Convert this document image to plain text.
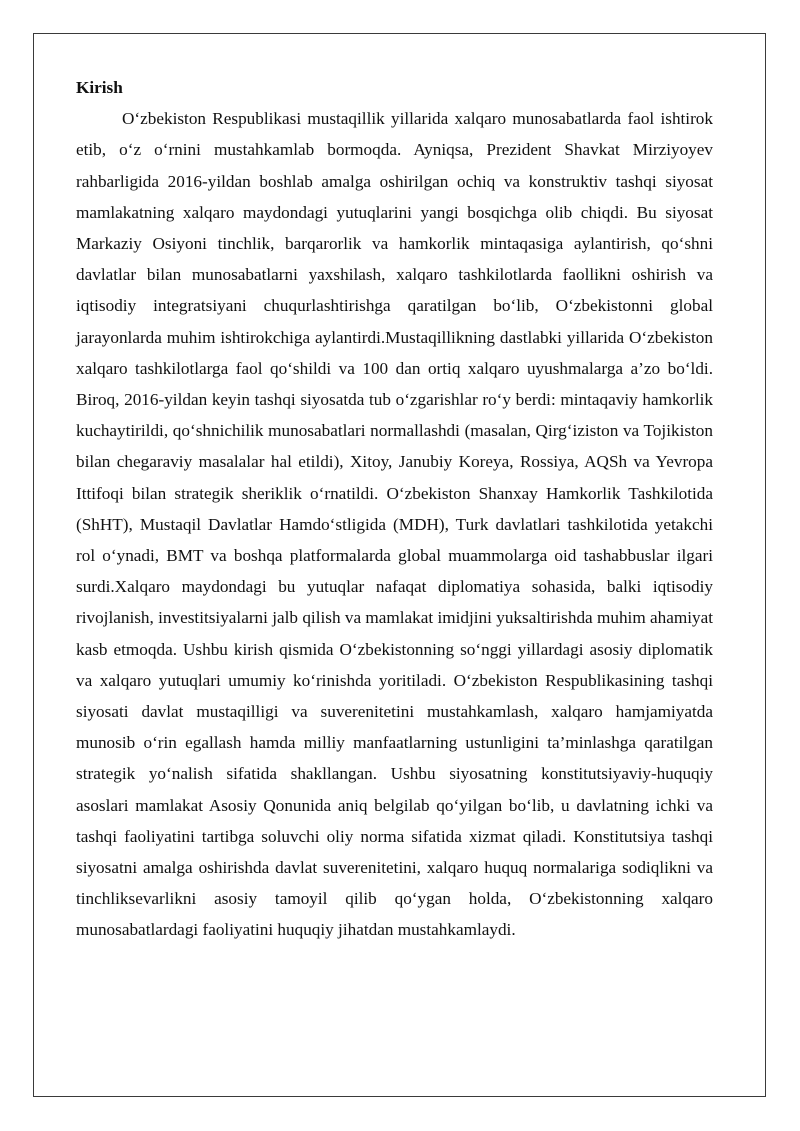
Kirish

O‘zbekiston Respublikasi mustaqillik yillarida xalqaro munosabatlarda faol ishtirok etib, o‘z o‘rnini mustahkamlab bormoqda. Ayniqsa, Prezident Shavkat Mirziyoyev rahbarligida 2016-yildan boshlab amalga oshirilgan ochiq va konstruktiv tashqi siyosat mamlakatning xalqaro maydondagi yutuqlarini yangi bosqichga olib chiqdi. Bu siyosat Markaziy Osiyoni tinchlik, barqarorlik va hamkorlik mintaqasiga aylantirish, qo‘shni davlatlar bilan munosabatlarni yaxshilash, xalqaro tashkilotlarda faollikni oshirish va iqtisodiy integratsiyani chuqurlashtirishga qaratilgan bo‘lib, O‘zbekistonni global jarayonlarda muhim ishtirokchiga aylantirdi.Mustaqillikning dastlabki yillarida O‘zbekiston xalqaro tashkilotlarga faol qo‘shildi va 100 dan ortiq xalqaro uyushmalarga a’zo bo‘ldi. Biroq, 2016-yildan keyin tashqi siyosatda tub o‘zgarishlar ro‘y berdi: mintaqaviy hamkorlik kuchaytirildi, qo‘shnichilik munosabatlari normallashdi (masalan, Qirg‘iziston va Tojikiston bilan chegaraviy masalalar hal etildi), Xitoy, Janubiy Koreya, Rossiya, AQSh va Yevropa Ittifoqi bilan strategik sheriklik o‘rnatildi. O‘zbekiston Shanxay Hamkorlik Tashkilotida (ShHT), Mustaqil Davlatlar Hamdo‘stligida (MDH), Turk davlatlari tashkilotida yetakchi rol o‘ynadi, BMT va boshqa platformalarda global muammolarga oid tashabbuslar ilgari surdi.Xalqaro maydondagi bu yutuqlar nafaqat diplomatiya sohasida, balki iqtisodiy rivojlanish, investitsiyalarni jalb qilish va mamlakat imidjini yuksaltirishda muhim ahamiyat kasb etmoqda. Ushbu kirish qismida O‘zbekistonning so‘nggi yillardagi asosiy diplomatik va xalqaro yutuqlari umumiy ko‘rinishda yoritiladi. O‘zbekiston Respublikasining tashqi siyosati davlat mustaqilligi va suverenitetini mustahkamlash, xalqaro hamjamiyatda munosib o‘rin egallash hamda milliy manfaatlarning ustunligini ta’minlashga qaratilgan strategik yo‘nalish sifatida shakllangan. Ushbu siyosatning konstitutsiyaviy-huquqiy asoslari mamlakat Asosiy Qonunida aniq belgilab qo‘yilgan bo‘lib, u davlatning ichki va tashqi faoliyatini tartibga soluvchi oliy norma sifatida xizmat qiladi. Konstitutsiya tashqi siyosatni amalga oshirishda davlat suverenitetini, xalqaro huquq normalariga sodiqlikni va tinchliksevarlikni asosiy tamoyil qilib qo‘ygan holda, O‘zbekistonning xalqaro munosabatlardagi faoliyatini huquqiy jihatdan mustahkamlaydi.
